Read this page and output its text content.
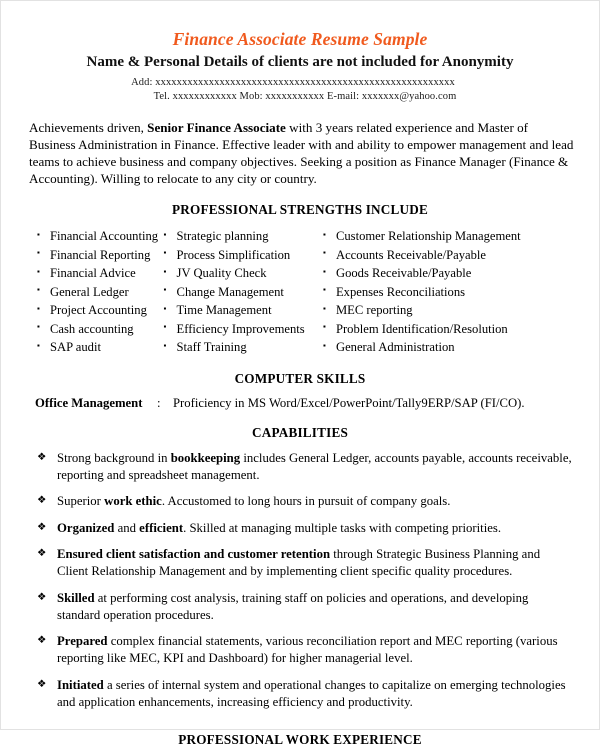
Finance Associate Resume Sample
Name & Personal Details of clients are not included for Anonymity

Add: xxxxxxxxxxxxxxxxxxxxxxxxxxxxxxxxxxxxxxxxxxxxxxxxxxxxxxxx

Tel. xxxxxxxxxxxx Mob: xxxxxxxxxxx E-mail: xxxxxxx@yahoo.com

Achievements driven, Senior Finance Associate with 3 years related experience and Master of Business Administration in Finance. Effective leader with and ability to empower management and lead teams to achieve business and company objectives. Seeking a position as Finance Manager (Finance & Accounting). Willing to relocate to any city or country.

PROFESSIONAL STRENGTHS INCLUDE
▪ Financial Accounting
▪ Financial Reporting
▪ Financial Advice
▪ General Ledger
▪ Project Accounting
▪ Cash accounting
▪ SAP audit
▪ Strategic planning
▪ Process Simplification
▪ JV Quality Check
▪ Change Management
▪ Time Management
▪ Efficiency Improvements
▪ Staff Training
▪ Customer Relationship Management
▪ Accounts Receivable/Payable
▪ Goods Receivable/Payable
▪ Expenses Reconciliations
▪ MEC reporting
▪ Problem Identification/Resolution
▪ General Administration
COMPUTER SKILLS
Office Management	: Proficiency in MS Word/Excel/PowerPoint/Tally9ERP/SAP (FI/CO).
CAPABILITIES
❖ Strong background in bookkeeping includes General Ledger, accounts payable, accounts receivable, reporting and spreadsheet management.
❖ Superior work ethic. Accustomed to long hours in pursuit of company goals.
❖ Organized and efficient. Skilled at managing multiple tasks with competing priorities.
❖ Ensured client satisfaction and customer retention through Strategic Business Planning and Client Relationship Management and by implementing client specific quality procedures.
❖ Skilled at performing cost analysis, training staff on policies and operations, and developing standard operation procedures.
❖ Prepared complex financial statements, various reconciliation report and MEC reporting (various reporting like MEC, KPI and Dashboard) for higher managerial level.
❖ Initiated a series of internal system and operational changes to capitalize on emerging technologies and application enhancements, increasing efficiency and productivity.
PROFESSIONAL WORK EXPERIENCE
